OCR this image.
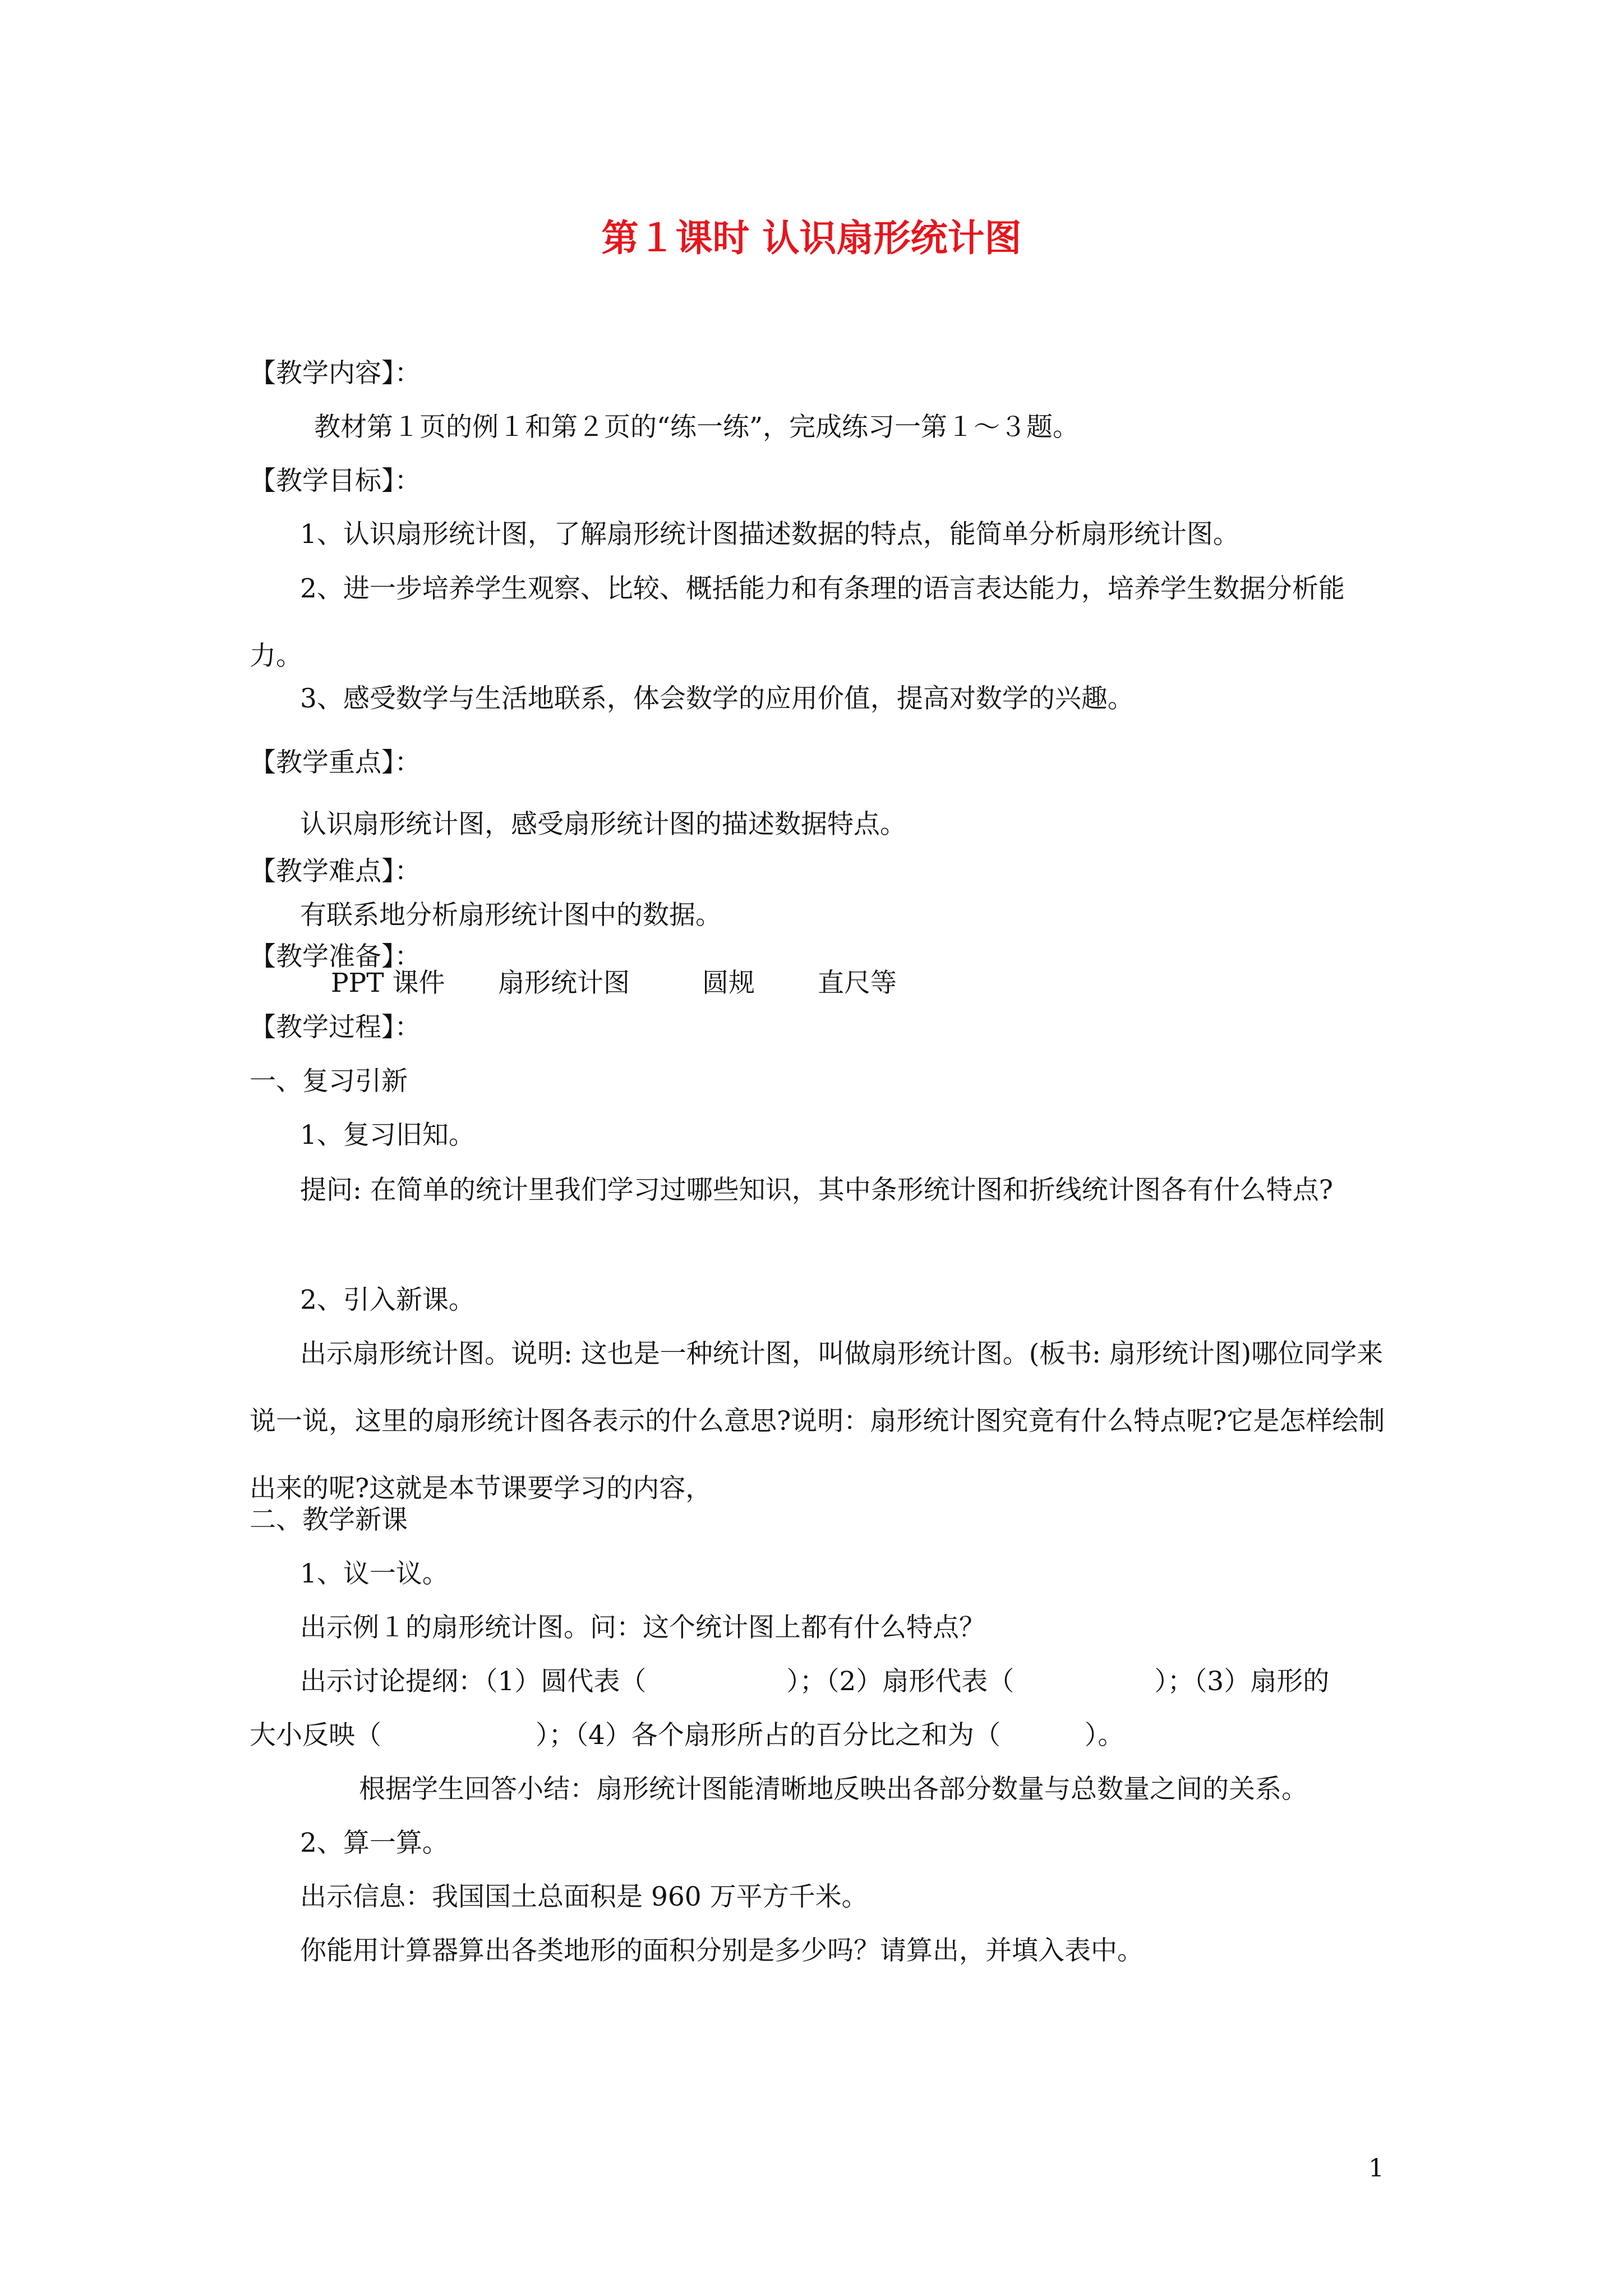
第１课时 认识扇形统计图

【教学内容】：

教材第１页的例１和第２页的“练一练”，完成练习一第１～３题。

【教学目标】：

1、认识扇形统计图，了解扇形统计图描述数据的特点，能简单分析扇形统计图。

2、进一步培养学生观察、比较、概括能力和有条理的语言表达能力，培养学生数据分析能力。

3、感受数学与生活地联系，体会数学的应用价值，提高对数学的兴趣。

【教学重点】：

认识扇形统计图，感受扇形统计图的描述数据特点。

【教学难点】：

有联系地分析扇形统计图中的数据。

【教学准备】：

PPT 课件 扇形统计图	圆规 直尺等

【教学过程】：

一、复习引新

1、复习旧知。

提问: 在简单的统计里我们学习过哪些知识，其中条形统计图和折线统计图各有什么特点?

2、引入新课。

出示扇形统计图。说明: 这也是一种统计图，叫做扇形统计图。(板书: 扇形统计图)哪位同学来说一说，这里的扇形统计图各表示的什么意思?说明：扇形统计图究竟有什么特点呢?它是怎样绘制出来的呢?这就是本节课要学习的内容，

二、教学新课

1、议一议。

出示例１的扇形统计图。问：这个统计图上都有什么特点？

出示讨论提纲：（1）圆代表（	）；（2）扇形代表（	）；（3）扇形的

大小反映（	）；（4）各个扇形所占的百分比之和为（	）。

根据学生回答小结：扇形统计图能清晰地反映出各部分数量与总数量之间的关系。

2、算一算。

出示信息：我国国土总面积是 960 万平方千米。

你能用计算器算出各类地形的面积分别是多少吗？请算出，并填入表中。

1
